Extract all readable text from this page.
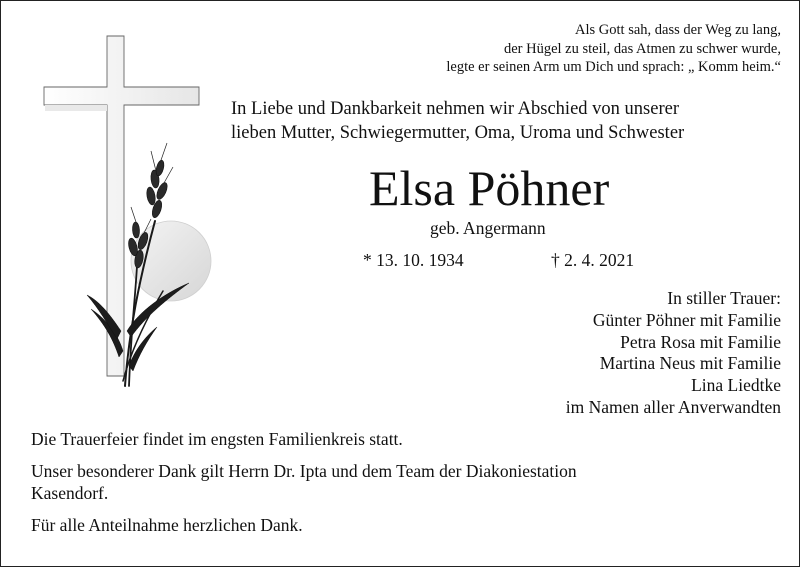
Als Gott sah, dass der Weg zu lang,
der Hügel zu steil, das Atmen zu schwer wurde,
legte er seinen Arm um Dich und sprach: „ Komm heim.“
In Liebe und Dankbarkeit nehmen wir Abschied von unserer
lieben Mutter, Schwiegermutter, Oma, Uroma und Schwester
Elsa Pöhner
geb. Angermann
* 13. 10. 1934	† 2. 4. 2021
In stiller Trauer:
Günter Pöhner mit Familie
Petra Rosa mit Familie
Martina Neus mit Familie
Lina Liedtke
im Namen aller Anverwandten

Die Trauerfeier findet im engsten Familienkreis statt.

Unser besonderer Dank gilt Herrn Dr. Ipta und dem Team der Diakoniestation
Kasendorf.

Für alle Anteilnahme herzlichen Dank.
